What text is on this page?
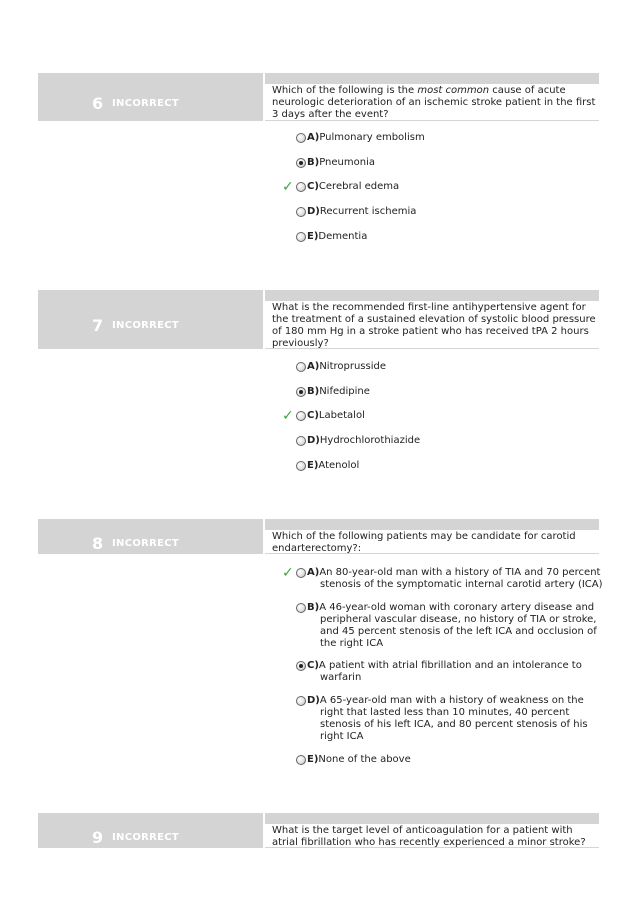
6 INCORRECT
Which of the following is the most common cause of acute neurologic deterioration of an ischemic stroke patient in the first 3 days after the event?
A)Pulmonary embolism
B)Pneumonia
✓ C)Cerebral edema
D)Recurrent ischemia
E)Dementia
7 INCORRECT
What is the recommended first-line antihypertensive agent for the treatment of a sustained elevation of systolic blood pressure of 180 mm Hg in a stroke patient who has received tPA 2 hours previously?
A)Nitroprusside
B)Nifedipine
✓ C)Labetalol
D)Hydrochlorothiazide
E)Atenolol
8 INCORRECT
Which of the following patients may be candidate for carotid endarterectomy?:
✓ A)An 80-year-old man with a history of TIA and 70 percent
stenosis of the symptomatic internal carotid artery (ICA)
B)A 46-year-old woman with coronary artery disease and
peripheral vascular disease, no history of TIA or stroke,
and 45 percent stenosis of the left ICA and occlusion of
the right ICA
C)A patient with atrial fibrillation and an intolerance to
warfarin
D)A 65-year-old man with a history of weakness on the
right that lasted less than 10 minutes, 40 percent
stenosis of his left ICA, and 80 percent stenosis of his
right ICA
E)None of the above
9 INCORRECT
What is the target level of anticoagulation for a patient with atrial fibrillation who has recently experienced a minor stroke?
